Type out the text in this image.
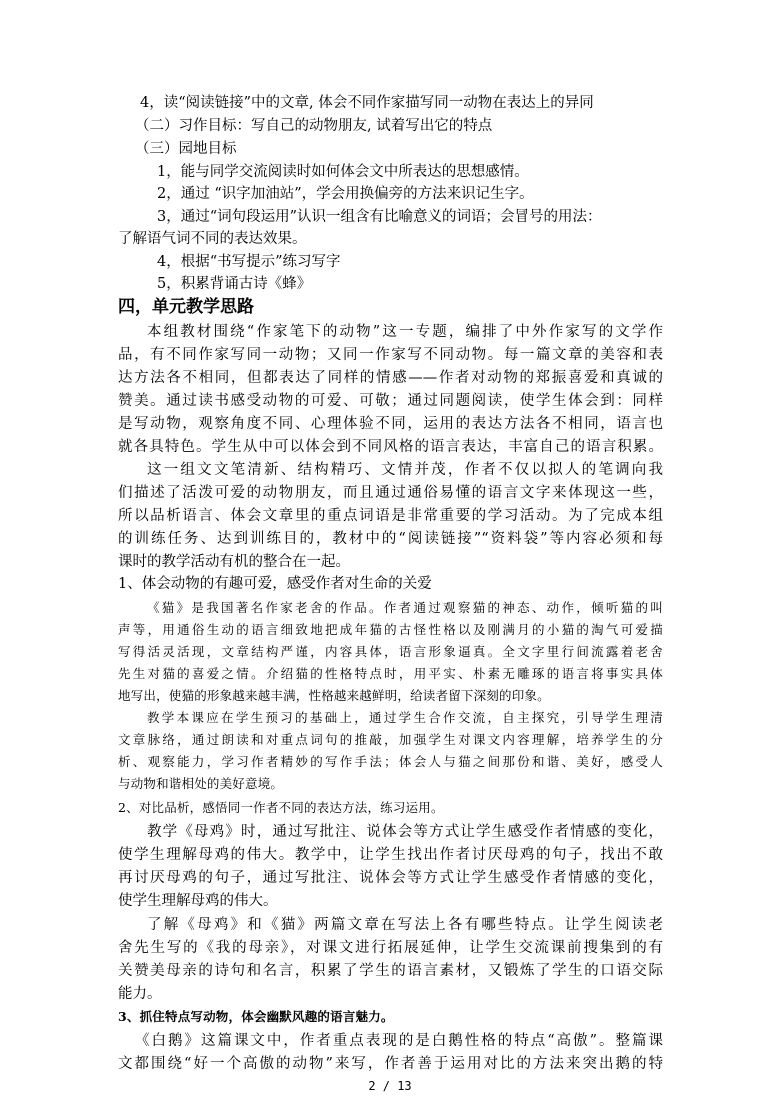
4，读“阅读链接”中的文章, 体会不同作家描写同一动物在表达上的异同
（二）习作目标：写自己的动物朋友, 试着写出它的特点
（三）园地目标
1，能与同学交流阅读时如何体会文中所表达的思想感情。
2，通过 “识字加油站”，学会用换偏旁的方法来识记生字。
3，通过“词句段运用”认识一组含有比喻意义的词语；会冒号的用法：
了解语气词不同的表达效果。
4，根据“书写提示”练习写字
5，积累背诵古诗《蜂》
四，单元教学思路
本组教材围绕“作家笔下的动物”这一专题，编排了中外作家写的文学作
品，有不同作家写同一动物；又同一作家写不同动物。每一篇文章的美容和表
达方法各不相同，但都表达了同样的情感——作者对动物的郑振喜爱和真诚的
赞美。通过读书感受动物的可爱、可敬；通过同题阅读，使学生体会到：同样
是写动物，观察角度不同、心理体验不同，运用的表达方法各不相同，语言也
就各具特色。学生从中可以体会到不同风格的语言表达，丰富自己的语言积累。
这一组文文笔清新、结构精巧、文情并茂，作者不仅以拟人的笔调向我
们描述了活泼可爱的动物朋友，而且通过通俗易懂的语言文字来体现这一些，
所以品析语言、体会文章里的重点词语是非常重要的学习活动。为了完成本组
的训练任务、达到训练目的，教材中的“阅读链接”“资料袋”等内容必须和每
课时的教学活动有机的整合在一起。
1、体会动物的有趣可爱，感受作者对生命的关爱
《猫》是我国著名作家老舍的作品。作者通过观察猫的神态、动作，倾听猫的叫
声等，用通俗生动的语言细致地把成年猫的古怪性格以及刚满月的小猫的淘气可爱描
写得活灵活现，文章结构严谨，内容具体，语言形象逼真。全文字里行间流露着老舍
先生对猫的喜爱之情。介绍猫的性格特点时，用平实、朴素无雕琢的语言将事实具体
地写出，使猫的形象越来越丰满，性格越来越鲜明，给读者留下深刻的印象。
教学本课应在学生预习的基础上，通过学生合作交流，自主探究，引导学生理清
文章脉络，通过朗读和对重点词句的推敲，加强学生对课文内容理解，培养学生的分
析、观察能力，学习作者精妙的写作手法；体会人与猫之间那份和谐、美好，感受人
与动物和谐相处的美好意境。
2、对比品析，感悟同一作者不同的表达方法，练习运用。
教学《母鸡》时，通过写批注、说体会等方式让学生感受作者情感的变化，
使学生理解母鸡的伟大。教学中，让学生找出作者讨厌母鸡的句子，找出不敢
再讨厌母鸡的句子，通过写批注、说体会等方式让学生感受作者情感的变化，
使学生理解母鸡的伟大。
了解《母鸡》和《猫》两篇文章在写法上各有哪些特点。让学生阅读老
舍先生写的《我的母亲》，对课文进行拓展延伸，让学生交流课前搜集到的有
关赞美母亲的诗句和名言，积累了学生的语言素材，又锻炼了学生的口语交际
能力。
3、抓住特点写动物，体会幽默风趣的语言魅力。
《白鹅》这篇课文中，作者重点表现的是白鹅性格的特点“高傲”。整篇课
文都围绕“好一个高傲的动物”来写，作者善于运用对比的方法来突出鹅的特
2 / 13
